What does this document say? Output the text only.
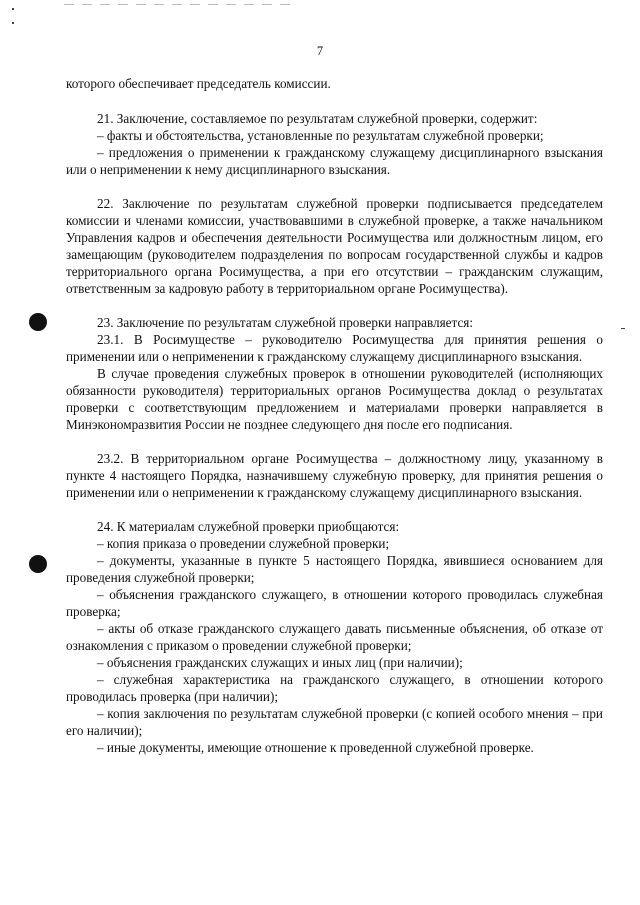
7

которого обеспечивает председатель комиссии.

21. Заключение, составляемое по результатам служебной проверки, содержит:

– факты и обстоятельства, установленные по результатам служебной проверки;

– предложения о применении к гражданскому служащему дисциплинарного взыскания или о неприменении к нему дисциплинарного взыскания.

22. Заключение по результатам служебной проверки подписывается председателем комиссии и членами комиссии, участвовавшими в служебной проверке, а также начальником Управления кадров и обеспечения деятельности Росимущества или должностным лицом, его замещающим (руководителем подразделения по вопросам государственной службы и кадров территориального органа Росимущества, а при его отсутствии – гражданским служащим, ответственным за кадровую работу в территориальном органе Росимущества).

23. Заключение по результатам служебной проверки направляется:

23.1. В Росимуществе – руководителю Росимущества для принятия решения о применении или о неприменении к гражданскому служащему дисциплинарного взыскания.

В случае проведения служебных проверок в отношении руководителей (исполняющих обязанности руководителя) территориальных органов Росимущества доклад о результатах проверки с соответствующим предложением и материалами проверки направляется в Минэкономразвития России не позднее следующего дня после его подписания.

23.2. В территориальном органе Росимущества – должностному лицу, указанному в пункте 4 настоящего Порядка, назначившему служебную проверку, для принятия решения о применении или о неприменении к гражданскому служащему дисциплинарного взыскания.

24. К материалам служебной проверки приобщаются:

– копия приказа о проведении служебной проверки;

– документы, указанные в пункте 5 настоящего Порядка, явившиеся основанием для проведения служебной проверки;

– объяснения гражданского служащего, в отношении которого проводилась служебная проверка;

– акты об отказе гражданского служащего давать письменные объяснения, об отказе от ознакомления с приказом о проведении служебной проверки;

– объяснения гражданских служащих и иных лиц (при наличии);

– служебная характеристика на гражданского служащего, в отношении которого проводилась проверка (при наличии);

– копия заключения по результатам служебной проверки (с копией особого мнения – при его наличии);

– иные документы, имеющие отношение к проведенной служебной проверке.
